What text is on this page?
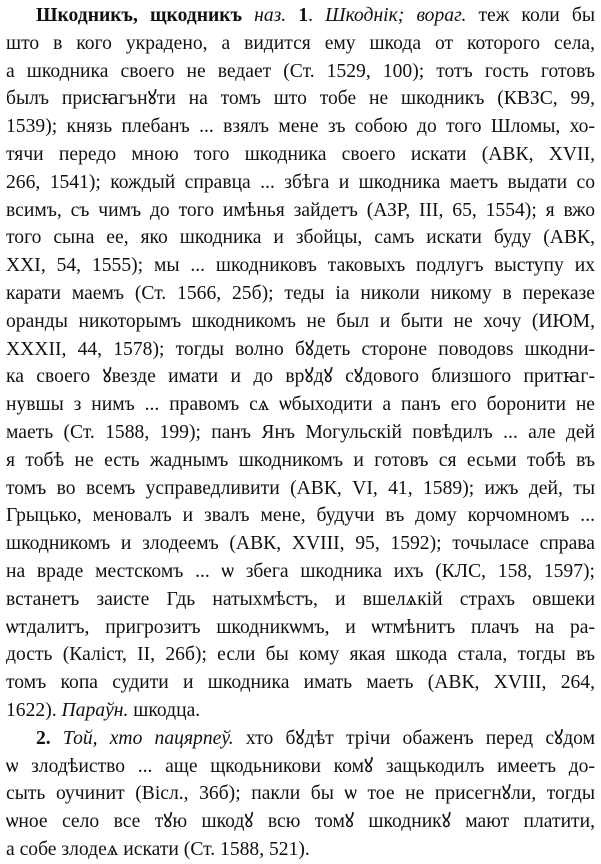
Шкодникъ, щкодникъ наз. 1. Шкоднік; вораг. теж коли бы
што в кого украдено, а видится ему шкода от которого села,
а шкодника своего не ведает (Ст. 1529, 100); тотъ гость готовъ
былъ присꙗгънꙋти на томъ што тобе не шкодникъ (КВЗС, 99,
1539); князь плебанъ ... взялъ мене зъ собою до того Шломы, хо-
тячи передо мною того шкодника своего искати (АВК, XVII,
266, 1541); кождый справца ... збѣга и шкодника маетъ выдати со
всимъ, съ чимъ до того имѣнья зайдетъ (АЗР, III, 65, 1554); я вжо
того сына ее, яко шкодника и збойцы, самъ искати буду (АВК,
XXI, 54, 1555); мы ... шкодниковъ таковыхъ подлугъ выступу их
карати маемъ (Ст. 1566, 25б); теды іа николи никому в перекaзе
оранды никоторымъ шкодникомъ не был и быти не хочу (ИЮМ,
XXXII, 44, 1578); тогды волно бꙋдеть стороне поводовѕ шкодни-
ка своего ꙋвезде имати и до врꙋдꙋ сꙋдового близшого притꙗг-
нувшы з нимъ ... правомъ сѧ ѡбыходити а панъ его боронити не
маеть (Ст. 1588, 199); панъ Янъ Могульскій повѣдилъ ... але дей
я тобѣ не есть жаднымъ шкодникомъ и готовъ ся есьми тобѣ въ
томъ во всемъ усправедливити (АВК, VI, 41, 1589); ижъ дей, ты
Грыцько, меновалъ и звалъ мене, будучи въ дому корчомномъ ...
шкодникомъ и злодеемъ (АВК, XVIII, 95, 1592); точыласе справа
на враде местскомъ ... ѡ збега шкодника ихъ (КЛС, 158, 1597);
встанетъ заисте Гдь натыхмѣстъ, и вшелѧкій страхъ овшеки
ѡтдалитъ, пригрозитъ шкодникѡмъ, и ѡтмѣнитъ плачъ на ра-
дость (Калiст, II, 26б); если бы кому якая шкода стала, тогды въ
томъ копа судити и шкодника имать маеть (АВК, XVIII, 264,
1622). Параўн. шкодца.
2. Той, хто пацярпеў. хто бꙋдѣт трiчи обаженъ перед сꙋдом
ѡ злодѣиство ... аще щкодьникови комꙋ защькодилъ имеетъ до-
сыть оучинит (Віcл., 36б); пакли бы ѡ тое не присегнꙋли, тогды
ѡное село все тꙋю шкодꙋ всю томꙋ шкодникꙋ мают платити,
а собе злодеѧ искати (Ст. 1588, 521).
